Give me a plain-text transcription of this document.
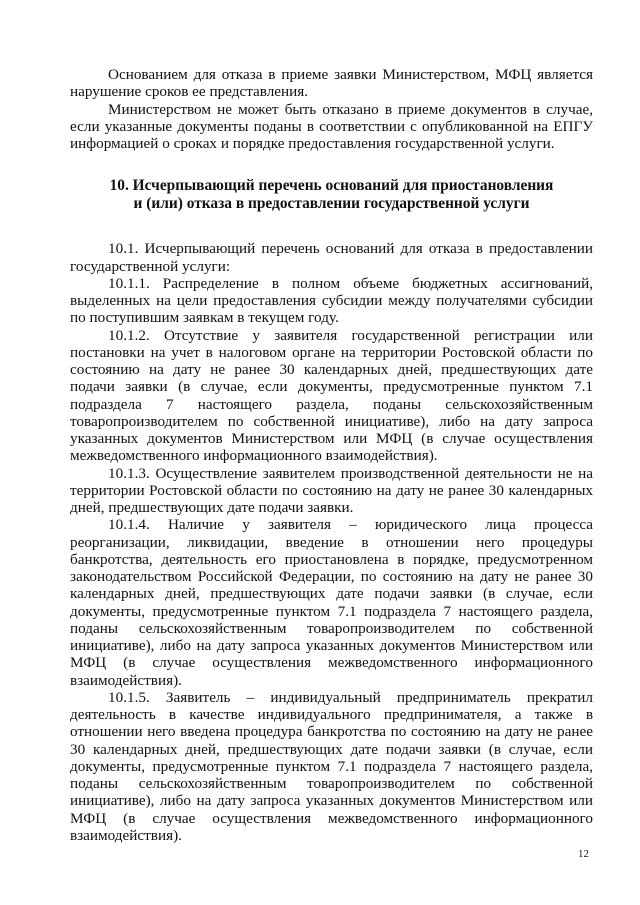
Основанием для отказа в приеме заявки Министерством, МФЦ является нарушение сроков ее представления.

Министерством не может быть отказано в приеме документов в случае, если указанные документы поданы в соответствии с опубликованной на ЕПГУ информацией о сроках и порядке предоставления государственной услуги.

10. Исчерпывающий перечень оснований для приостановления
и (или) отказа в предоставлении государственной услуги

10.1. Исчерпывающий перечень оснований для отказа в предоставлении государственной услуги:

10.1.1. Распределение в полном объеме бюджетных ассигнований, выделенных на цели предоставления субсидии между получателями субсидии по поступившим заявкам в текущем году.

10.1.2. Отсутствие у заявителя государственной регистрации или постановки на учет в налоговом органе на территории Ростовской области по состоянию на дату не ранее 30 календарных дней, предшествующих дате подачи заявки (в случае, если документы, предусмотренные пунктом 7.1 подраздела 7 настоящего раздела, поданы сельскохозяйственным товаропроизводителем по собственной инициативе), либо на дату запроса указанных документов Министерством или МФЦ (в случае осуществления межведомственного информационного взаимодействия).

10.1.3. Осуществление заявителем производственной деятельности не на территории Ростовской области по состоянию на дату не ранее 30 календарных дней, предшествующих дате подачи заявки.

10.1.4. Наличие у заявителя – юридического лица процесса реорганизации, ликвидации, введение в отношении него процедуры банкротства, деятельность его приостановлена в порядке, предусмотренном законодательством Российской Федерации, по состоянию на дату не ранее 30 календарных дней, предшествующих дате подачи заявки (в случае, если документы, предусмотренные пунктом 7.1 подраздела 7 настоящего раздела, поданы сельскохозяйственным товаропроизводителем по собственной инициативе), либо на дату запроса указанных документов Министерством или МФЦ (в случае осуществления межведомственного информационного взаимодействия).

10.1.5. Заявитель – индивидуальный предприниматель прекратил деятельность в качестве индивидуального предпринимателя, а также в отношении него введена процедура банкротства по состоянию на дату не ранее 30 календарных дней, предшествующих дате подачи заявки (в случае, если документы, предусмотренные пунктом 7.1 подраздела 7 настоящего раздела, поданы сельскохозяйственным товаропроизводителем по собственной инициативе), либо на дату запроса указанных документов Министерством или МФЦ (в случае осуществления межведомственного информационного взаимодействия).

12
